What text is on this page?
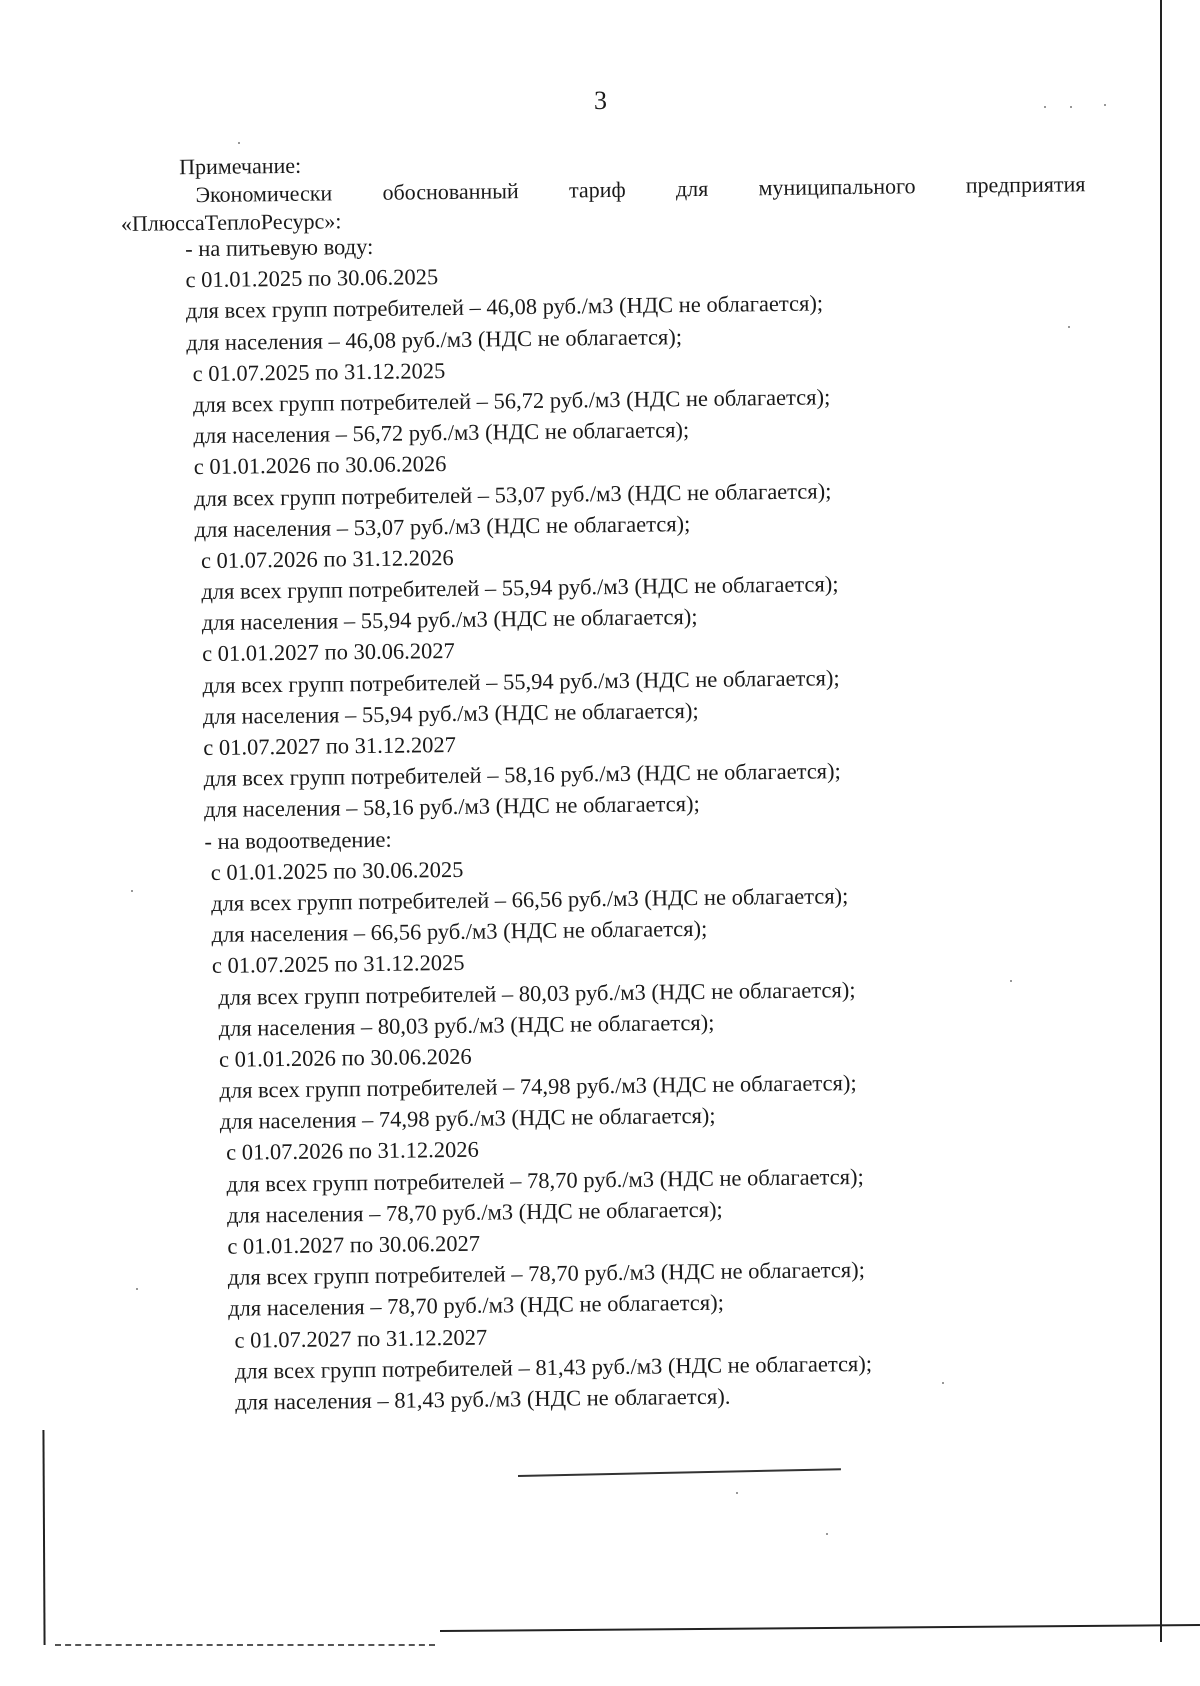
3
Примечание:
Экономически обоснованный тариф для муниципального предприятия
«ПлюссаТеплоРесурс»:
- на питьевую воду:
с 01.01.2025 по 30.06.2025
для всех групп потребителей – 46,08 руб./м3 (НДС не облагается);
для населения – 46,08 руб./м3 (НДС не облагается);
с 01.07.2025 по 31.12.2025
для всех групп потребителей – 56,72 руб./м3 (НДС не облагается);
для населения – 56,72 руб./м3 (НДС не облагается);
с 01.01.2026 по 30.06.2026
для всех групп потребителей – 53,07 руб./м3 (НДС не облагается);
для населения – 53,07 руб./м3 (НДС не облагается);
с 01.07.2026 по 31.12.2026
для всех групп потребителей – 55,94 руб./м3 (НДС не облагается);
для населения – 55,94 руб./м3 (НДС не облагается);
с 01.01.2027 по 30.06.2027
для всех групп потребителей – 55,94 руб./м3 (НДС не облагается);
для населения – 55,94 руб./м3 (НДС не облагается);
с 01.07.2027 по 31.12.2027
для всех групп потребителей – 58,16 руб./м3 (НДС не облагается);
для населения – 58,16 руб./м3 (НДС не облагается);
- на водоотведение:
с 01.01.2025 по 30.06.2025
для всех групп потребителей – 66,56 руб./м3 (НДС не облагается);
для населения – 66,56 руб./м3 (НДС не облагается);
с 01.07.2025 по 31.12.2025
для всех групп потребителей – 80,03 руб./м3 (НДС не облагается);
для населения – 80,03 руб./м3 (НДС не облагается);
с 01.01.2026 по 30.06.2026
для всех групп потребителей – 74,98 руб./м3 (НДС не облагается);
для населения – 74,98 руб./м3 (НДС не облагается);
с 01.07.2026 по 31.12.2026
для всех групп потребителей – 78,70 руб./м3 (НДС не облагается);
для населения – 78,70 руб./м3 (НДС не облагается);
с 01.01.2027 по 30.06.2027
для всех групп потребителей – 78,70 руб./м3 (НДС не облагается);
для населения – 78,70 руб./м3 (НДС не облагается);
с 01.07.2027 по 31.12.2027
для всех групп потребителей – 81,43 руб./м3 (НДС не облагается);
для населения – 81,43 руб./м3 (НДС не облагается).
